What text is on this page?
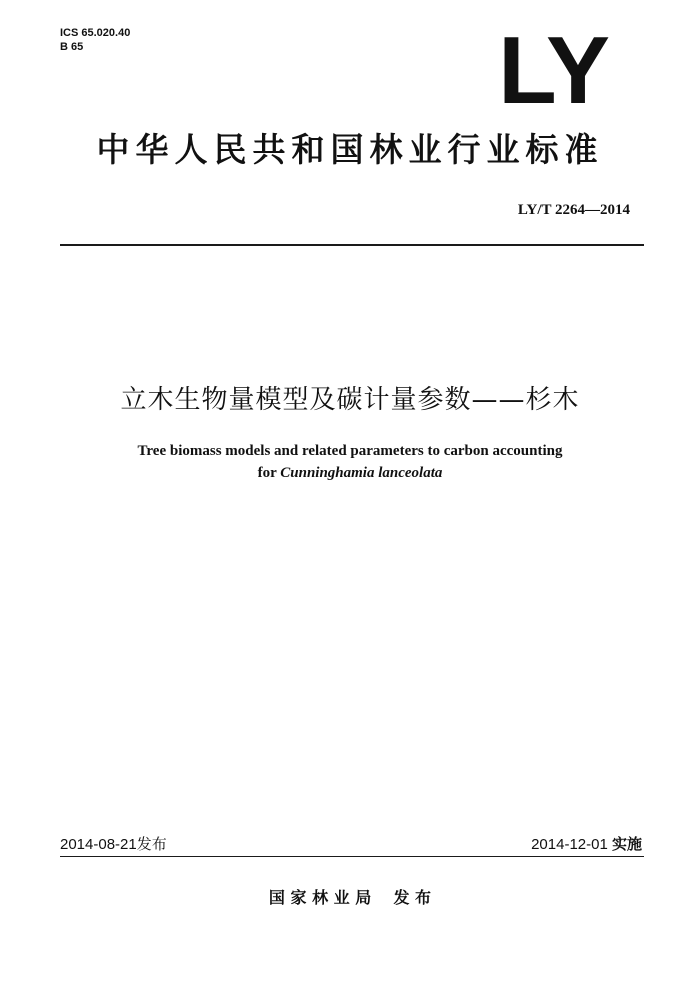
ICS 65.020.40
B 65	LY
中华人民共和国林业行业标准
LY/T 2264—2014
立木生物量模型及碳计量参数——杉木
Tree biomass models and related parameters to carbon accounting
for Cunninghamia lanceolata
2014-08-21发布	2014-12-01 实施
国 家 林 业 局    发 布
